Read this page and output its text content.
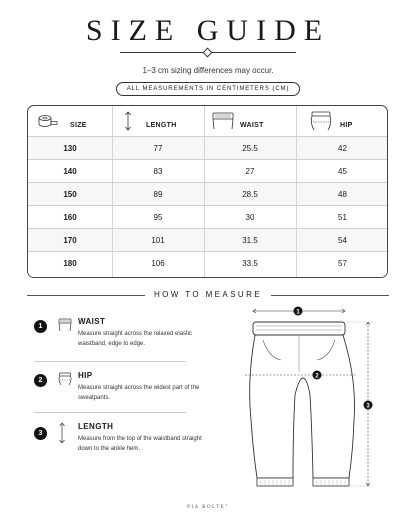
SIZE GUIDE
1–3 cm sizing differences may occur.
ALL MEASUREMENTS IN CENTIMETERS (CM)
SIZE	LENGTH	WAIST	HIP
130	77	25.5	42
140	83	27	45
150	89	28.5	48
160	95	30	51
170	101	31.5	54
180	106	33.5	57
HOW TO MEASURE
1
WAIST
Measure straight across the relaxed elastic waistband, edge to edge.
2
HIP
Measure straight across the widest part of the sweatpants.
3
LENGTH
Measure from the top of the waistband straight down to the ankle hem.
1
2
3
PIA BOLTE°
